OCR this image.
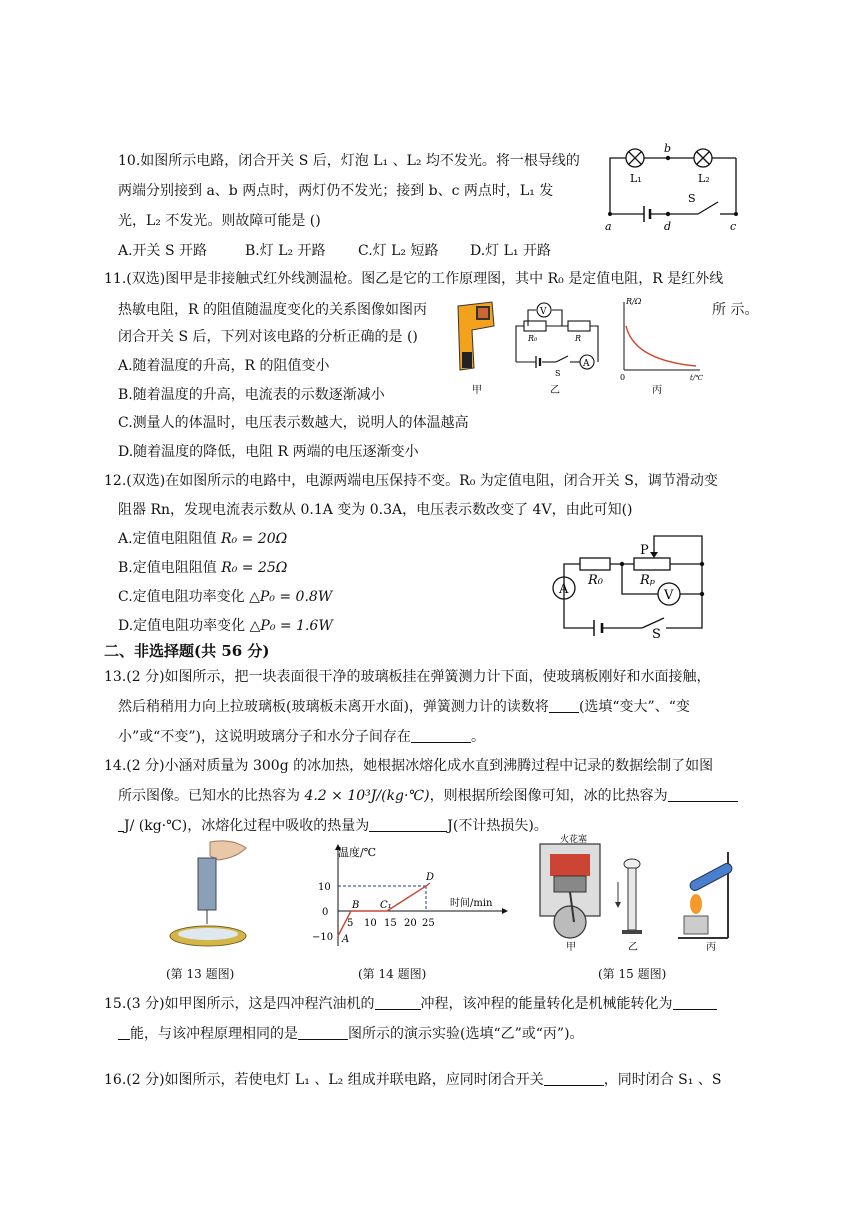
10.如图所示电路，闭合开关 S 后，灯泡 L₁ 、L₂ 均不发光。将一根导线的
两端分别接到 a、b 两点时，两灯仍不发光；接到 b、c 两点时，L₁ 发
光，L₂ 不发光。则故障可能是 ()
A.开关 S 开路	B.灯 L₂ 开路 C.灯 L₂ 短路 D.灯 L₁ 开路
b
L₁	L₂
S
a	d	c
11.(双选)图甲是非接触式红外线测温枪。图乙是它的工作原理图，其中 R₀ 是定值电阻，R 是红外线
热敏电阻，R 的阻值随温度变化的关系图像如图丙	所 示。
闭合开关 S 后，下列对该电路的分析正确的是 ()
A.随着温度的升高，R 的阻值变小
B.随着温度的升高，电流表的示数逐渐减小
C.测量人的体温时，电压表示数越大，说明人的体温越高
D.随着温度的降低，电阻 R 两端的电压逐渐变小
甲
V
A
R₀	R
S
乙
R/Ω
t/℃
0
丙
12.(双选)在如图所示的电路中，电源两端电压保持不变。R₀ 为定值电阻，闭合开关 S，调节滑动变
阻器 Rn，发现电流表示数从 0.1A 变为 0.3A，电压表示数改变了 4V，由此可知()
A.定值电阻阻值 R₀ = 20Ω
B.定值电阻阻值 R₀ = 25Ω
C.定值电阻功率变化 △P₀ = 0.8W
D.定值电阻功率变化 △P₀ = 1.6W
P
R₀	Rₚ
A	V
S
二、非选择题(共 56 分)
13.(2 分)如图所示，把一块表面很干净的玻璃板挂在弹簧测力计下面，使玻璃板刚好和水面接触，
然后稍稍用力向上拉玻璃板(玻璃板未离开水面)，弹簧测力计的读数将 (选填“变大”、“变
小”或“不变”)，这说明玻璃分子和水分子间存在	。
14.(2 分)小涵对质量为 300g 的冰加热，她根据冰熔化成水直到沸腾过程中记录的数据绘制了如图
所示图像。已知水的比热容为 4.2 × 10³J/(kg·℃)，则根据所绘图像可知，冰的比热容为
J/ (kg·℃)，冰熔化过程中吸收的热量为	J(不计热损失)。
(第 13 题图)
温度/℃
时间/min
10
0
−10
5 10 15 20 25
A
B C₁
D
(第 14 题图)
火花塞
甲	乙	丙
(第 15 题图)
15.(3 分)如甲图所示，这是四冲程汽油机的	冲程，该冲程的能量转化是机械能转化为
能，与该冲程原理相同的是	图所示的演示实验(选填“乙”或“丙”)。
16.(2 分)如图所示，若使电灯 L₁ 、L₂ 组成并联电路，应同时闭合开关	，同时闭合 S₁ 、S
